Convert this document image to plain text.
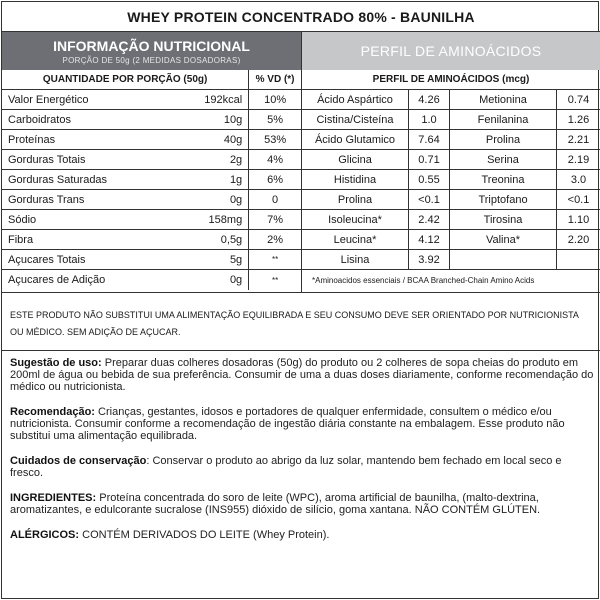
WHEY PROTEIN CONCENTRADO 80% - BAUNILHA
INFORMAÇÃO NUTRICIONAL
PORÇÃO DE 50g (2 MEDIDAS DOSADORAS)
QUANTIDADE POR PORÇÃO (50g)	% VD (*)
Valor Energético	192kcal	10%
Carboidratos	10g	5%
Proteínas	40g	53%
Gorduras Totais	2g	4%
Gorduras Saturadas	1g	6%
Gorduras Trans	0g	0
Sódio	158mg	7%
Fibra	0,5g	2%
Açucares Totais	5g	**
Açucares de Adição	0g	**
PERFIL DE AMINOÁCIDOS
PERFIL DE AMINOÁCIDOS (mcg)
Ácido Aspártico	4.26	Metionina	0.74
Cistina/Cisteína	1.0	Fenilanina	1.26
Ácido Glutamico	7.64	Prolina	2.21
Glicina	0.71	Serina	2.19
Histidina	0.55	Treonina	3.0
Prolina	<0.1	Triptofano	<0.1
Isoleucina*	2.42	Tirosina	1.10
Leucina*	4.12	Valina*	2.20
Lisina	3.92
*Aminoacidos essenciais / BCAA Branched-Chain Amino Acids
ESTE PRODUTO NÃO SUBSTITUI UMA ALIMENTAÇÃO EQUILIBRADA E SEU CONSUMO DEVE SER ORIENTADO POR NUTRICIONISTA OU MÉDICO. SEM ADIÇÃO DE AÇUCAR.
Sugestão de uso: Preparar duas colheres dosadoras (50g) do produto ou 2 colheres de sopa cheias do produto em 200ml de água ou bebida de sua preferência. Consumir de uma a duas doses diariamente, conforme recomendação do médico ou nutricionista.
Recomendação: Crianças, gestantes, idosos e portadores de qualquer enfermidade, consultem o médico e/ou nutricionista. Consumir conforme a recomendação de ingestão diária constante na embalagem. Esse produto não substitui uma alimentação equilibrada.
Cuidados de conservação: Conservar o produto ao abrigo da luz solar, mantendo bem fechado em local seco e fresco.
INGREDIENTES: Proteína concentrada do soro de leite (WPC), aroma artificial de baunilha, (malto-dextrina, aromatizantes, e edulcorante sucralose (INS955) dióxido de silício, goma xantana. NÃO CONTÉM GLÚTEN.
ALÉRGICOS: CONTÉM DERIVADOS DO LEITE (Whey Protein).
